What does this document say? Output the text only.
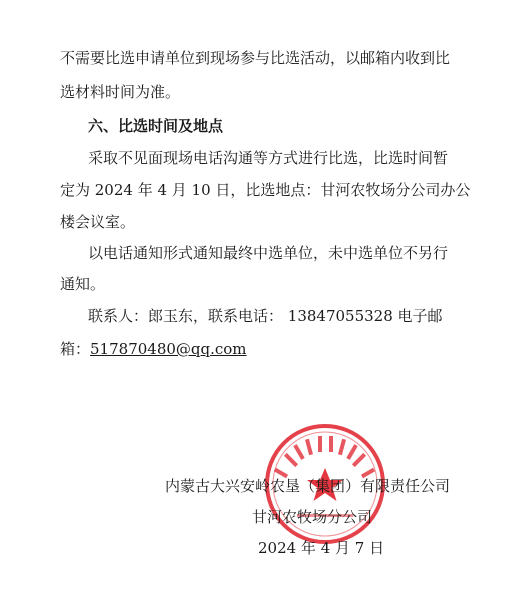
不需要比选申请单位到现场参与比选活动，以邮箱内收到比
选材料时间为准。
六、比选时间及地点
采取不见面现场电话沟通等方式进行比选，比选时间暂
定为 2024 年 4 月 10 日，比选地点：甘河农牧场分公司办公
楼会议室。
以电话通知形式通知最终中选单位，未中选单位不另行
通知。
联系人：郎玉东，联系电话： 13847055328 电子邮
箱：517870480@qq.com
内蒙古大兴安岭农垦（集团）有限责任公司
甘河农牧场分公司
2024 年 4 月 7 日
